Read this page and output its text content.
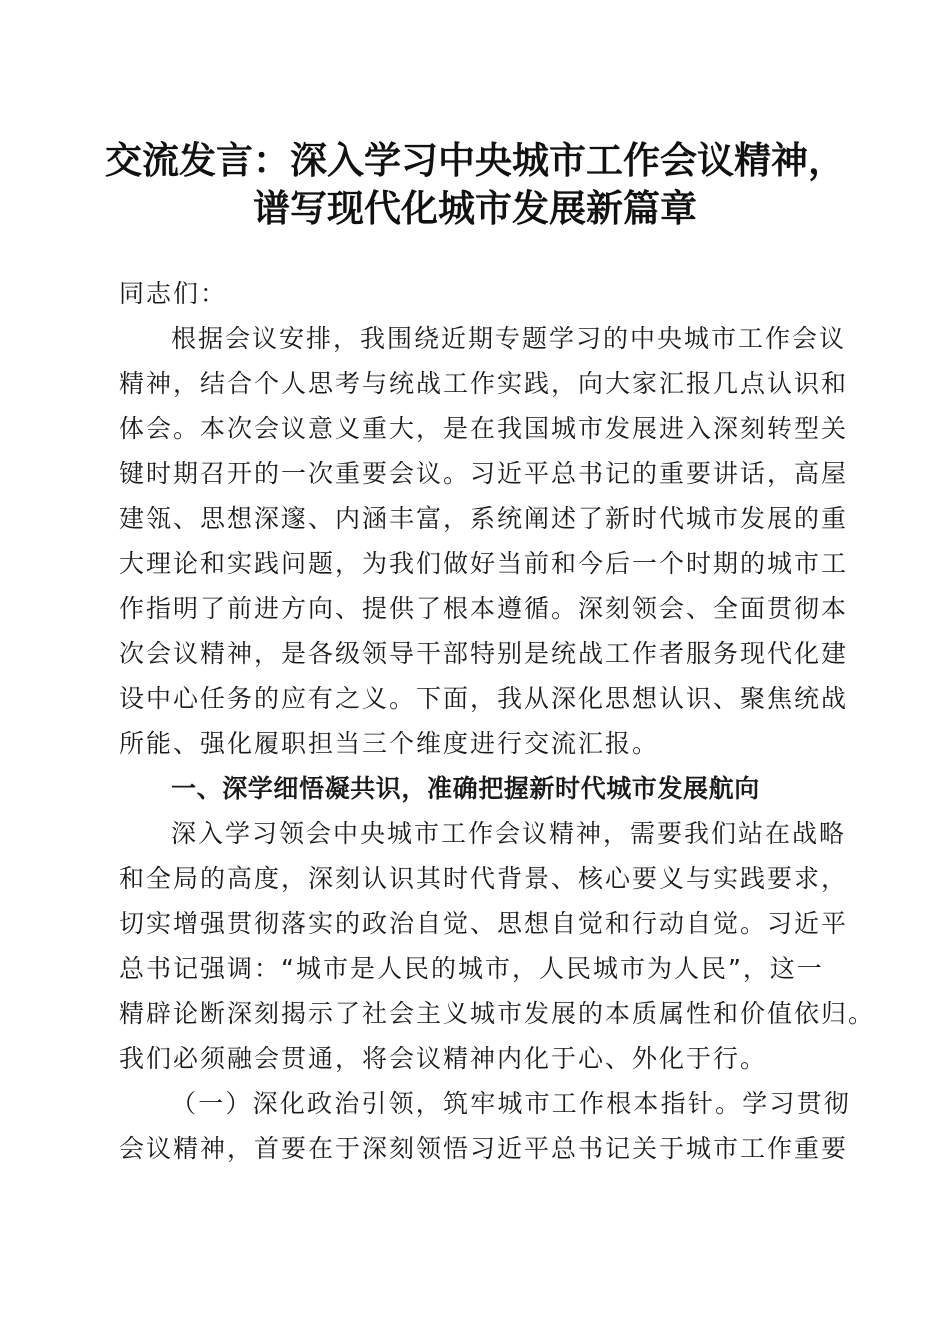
交流发言：深入学习中央城市工作会议精神，
谱写现代化城市发展新篇章
同志们：
根据会议安排，我围绕近期专题学习的中央城市工作会议
精神，结合个人思考与统战工作实践，向大家汇报几点认识和
体会。本次会议意义重大，是在我国城市发展进入深刻转型关
键时期召开的一次重要会议。习近平总书记的重要讲话，高屋
建瓴、思想深邃、内涵丰富，系统阐述了新时代城市发展的重
大理论和实践问题，为我们做好当前和今后一个时期的城市工
作指明了前进方向、提供了根本遵循。深刻领会、全面贯彻本
次会议精神，是各级领导干部特别是统战工作者服务现代化建
设中心任务的应有之义。下面，我从深化思想认识、聚焦统战
所能、强化履职担当三个维度进行交流汇报。
一、深学细悟凝共识，准确把握新时代城市发展航向
深入学习领会中央城市工作会议精神，需要我们站在战略
和全局的高度，深刻认识其时代背景、核心要义与实践要求，
切实增强贯彻落实的政治自觉、思想自觉和行动自觉。习近平
总书记强调：“城市是人民的城市，人民城市为人民”，这一
精辟论断深刻揭示了社会主义城市发展的本质属性和价值依归。
我们必须融会贯通，将会议精神内化于心、外化于行。
（一）深化政治引领，筑牢城市工作根本指针。学习贯彻
会议精神，首要在于深刻领悟习近平总书记关于城市工作重要
